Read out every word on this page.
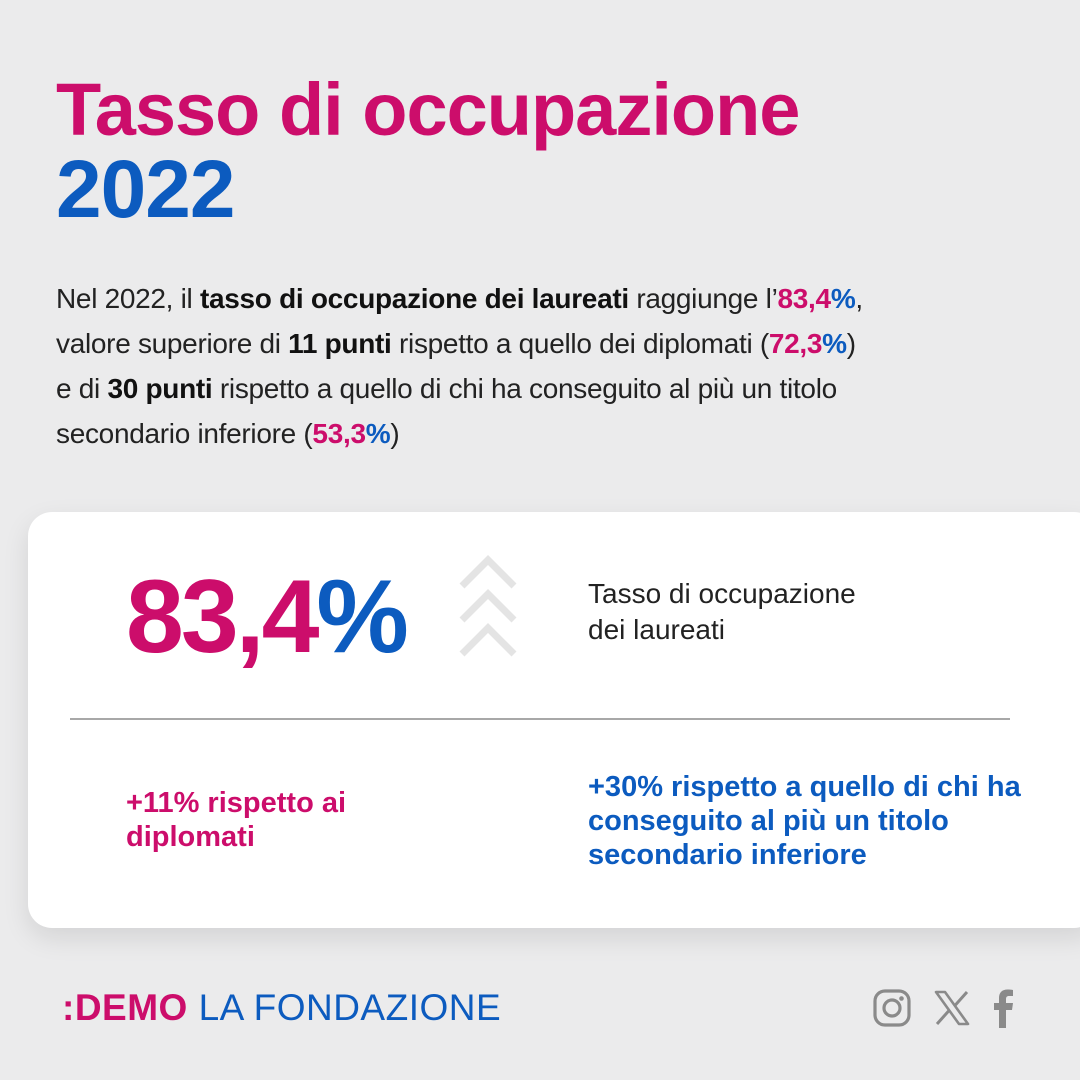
Tasso di occupazione
2022
Nel 2022, il tasso di occupazione dei laureati raggiunge l’83,4%,
valore superiore di 11 punti rispetto a quello dei diplomati (72,3%)
e di 30 punti rispetto a quello di chi ha conseguito al più un titolo
secondario inferiore (53,3%)
83,4%	Tasso di occupazione
dei laureati
+11% rispetto ai diplomati
+30% rispetto a quello di chi ha conseguito al più un titolo secondario inferiore
:DEMO LA FONDAZIONE
